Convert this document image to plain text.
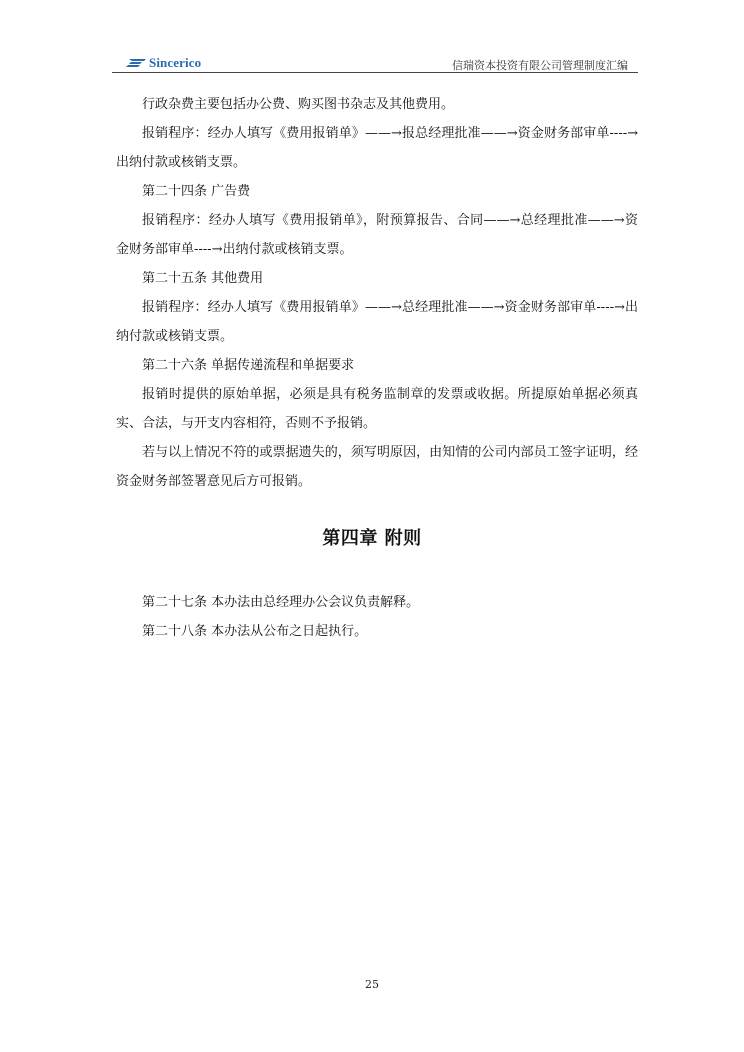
Sincerico	信瑞资本投资有限公司管理制度汇编

行政杂费主要包括办公费、购买图书杂志及其他费用。

报销程序：经办人填写《费用报销单》——→报总经理批准——→资金财务部审单----→出纳付款或核销支票。

第二十四条 广告费

报销程序：经办人填写《费用报销单》，附预算报告、合同——→总经理批准——→资金财务部审单----→出纳付款或核销支票。

第二十五条 其他费用

报销程序：经办人填写《费用报销单》——→总经理批准——→资金财务部审单----→出纳付款或核销支票。

第二十六条 单据传递流程和单据要求

报销时提供的原始单据，必须是具有税务监制章的发票或收据。所提原始单据必须真实、合法，与开支内容相符，否则不予报销。

若与以上情况不符的或票据遗失的，须写明原因，由知情的公司内部员工签字证明，经资金财务部签署意见后方可报销。

第四章 附则

第二十七条 本办法由总经理办公会议负责解释。

第二十八条 本办法从公布之日起执行。

25
